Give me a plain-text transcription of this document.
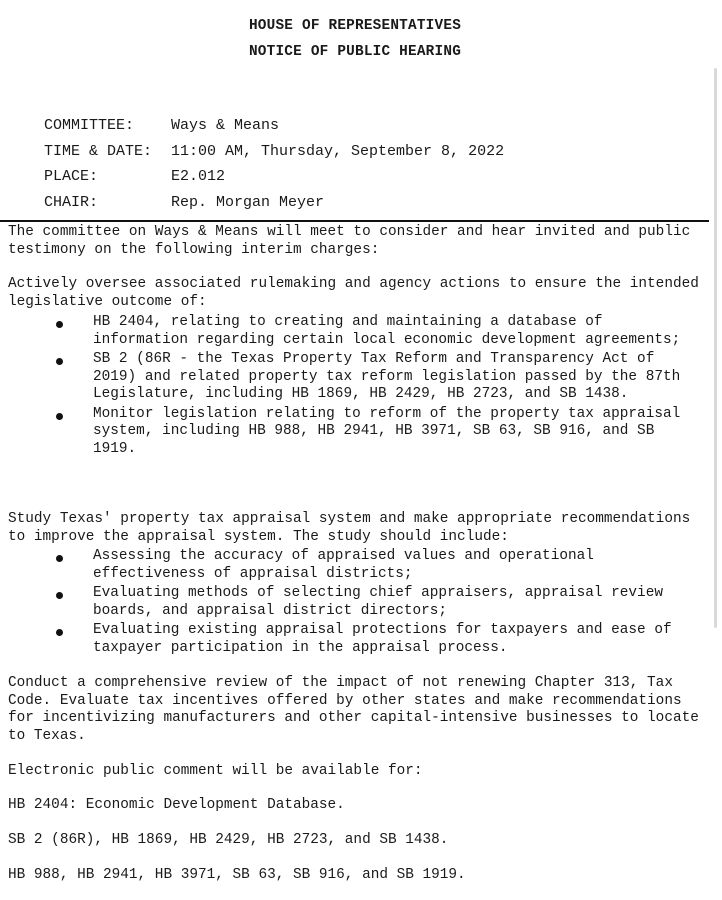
HOUSE OF REPRESENTATIVES
NOTICE OF PUBLIC HEARING

COMMITTEE: Ways & Means

TIME & DATE: 11:00 AM, Thursday, September 8, 2022

PLACE:	E2.012

CHAIR:	Rep. Morgan Meyer

The committee on Ways & Means will meet to consider and hear invited and public testimony on the following interim charges:

Actively oversee associated rulemaking and agency actions to ensure the intended legislative outcome of:

HB 2404, relating to creating and maintaining a database of information regarding certain local economic development agreements;
SB 2 (86R - the Texas Property Tax Reform and Transparency Act of 2019) and related property tax reform legislation passed by the 87th Legislature, including HB 1869, HB 2429, HB 2723, and SB 1438.
Monitor legislation relating to reform of the property tax appraisal system, including HB 988, HB 2941, HB 3971, SB 63, SB 916, and SB 1919.

Study Texas' property tax appraisal system and make appropriate recommendations to improve the appraisal system. The study should include:

Assessing the accuracy of appraised values and operational effectiveness of appraisal districts;
Evaluating methods of selecting chief appraisers, appraisal review boards, and appraisal district directors;
Evaluating existing appraisal protections for taxpayers and ease of taxpayer participation in the appraisal process.

Conduct a comprehensive review of the impact of not renewing Chapter 313, Tax Code. Evaluate tax incentives offered by other states and make recommendations for incentivizing manufacturers and other capital-intensive businesses to locate to Texas.

Electronic public comment will be available for:

HB 2404: Economic Development Database.

SB 2 (86R), HB 1869, HB 2429, HB 2723, and SB 1438.

HB 988, HB 2941, HB 3971, SB 63, SB 916, and SB 1919.
